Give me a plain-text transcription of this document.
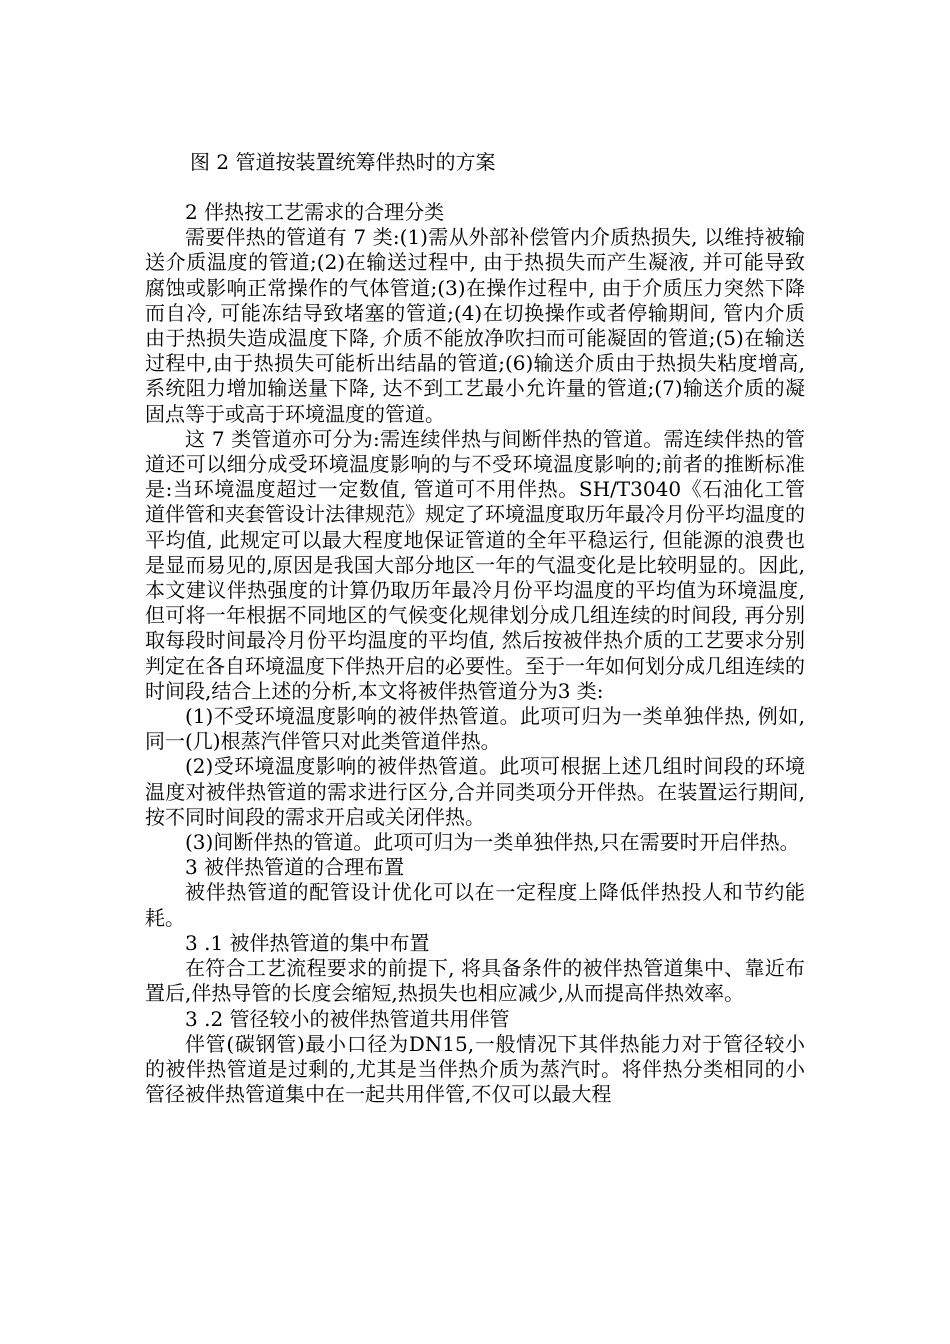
图 2 管道按装置统筹伴热时的方案

2 伴热按工艺需求的合理分类

需要伴热的管道有 7 类:(1)需从外部补偿管内介质热损失, 以维持被输送介质温度的管道;(2)在输送过程中, 由于热损失而产生凝液, 并可能导致腐蚀或影响正常操作的气体管道;(3)在操作过程中, 由于介质压力突然下降而自冷, 可能冻结导致堵塞的管道;(4)在切换操作或者停输期间, 管内介质由于热损失造成温度下降, 介质不能放净吹扫而可能凝固的管道;(5)在输送过程中,由于热损失可能析出结晶的管道;(6)输送介质由于热损失粘度增高, 系统阻力增加输送量下降, 达不到工艺最小允许量的管道;(7)输送介质的凝固点等于或高于环境温度的管道。

这 7 类管道亦可分为:需连续伴热与间断伴热的管道。需连续伴热的管道还可以细分成受环境温度影响的与不受环境温度影响的;前者的推断标准是:当环境温度超过一定数值, 管道可不用伴热。SH/T3040《石油化工管道伴管和夹套管设计法律规范》规定了环境温度取历年最冷月份平均温度的平均值, 此规定可以最大程度地保证管道的全年平稳运行, 但能源的浪费也是显而易见的,原因是我国大部分地区一年的气温变化是比较明显的。因此, 本文建议伴热强度的计算仍取历年最冷月份平均温度的平均值为环境温度, 但可将一年根据不同地区的气候变化规律划分成几组连续的时间段, 再分别取每段时间最冷月份平均温度的平均值, 然后按被伴热介质的工艺要求分别判定在各自环境温度下伴热开启的必要性。至于一年如何划分成几组连续的时间段,结合上述的分析,本文将被伴热管道分为3 类:

(1)不受环境温度影响的被伴热管道。此项可归为一类单独伴热, 例如, 同一(几)根蒸汽伴管只对此类管道伴热。

(2)受环境温度影响的被伴热管道。此项可根据上述几组时间段的环境温度对被伴热管道的需求进行区分,合并同类项分开伴热。在装置运行期间,按不同时间段的需求开启或关闭伴热。

(3)间断伴热的管道。此项可归为一类单独伴热,只在需要时开启伴热。

3 被伴热管道的合理布置

被伴热管道的配管设计优化可以在一定程度上降低伴热投人和节约能耗。

3 .1 被伴热管道的集中布置

在符合工艺流程要求的前提下, 将具备条件的被伴热管道集中、靠近布置后,伴热导管的长度会缩短,热损失也相应减少,从而提高伴热效率。

3 .2 管径较小的被伴热管道共用伴管

伴管(碳钢管)最小口径为DN15,一般情况下其伴热能力对于管径较小的被伴热管道是过剩的,尤其是当伴热介质为蒸汽时。将伴热分类相同的小管径被伴热管道集中在一起共用伴管,不仅可以最大程
